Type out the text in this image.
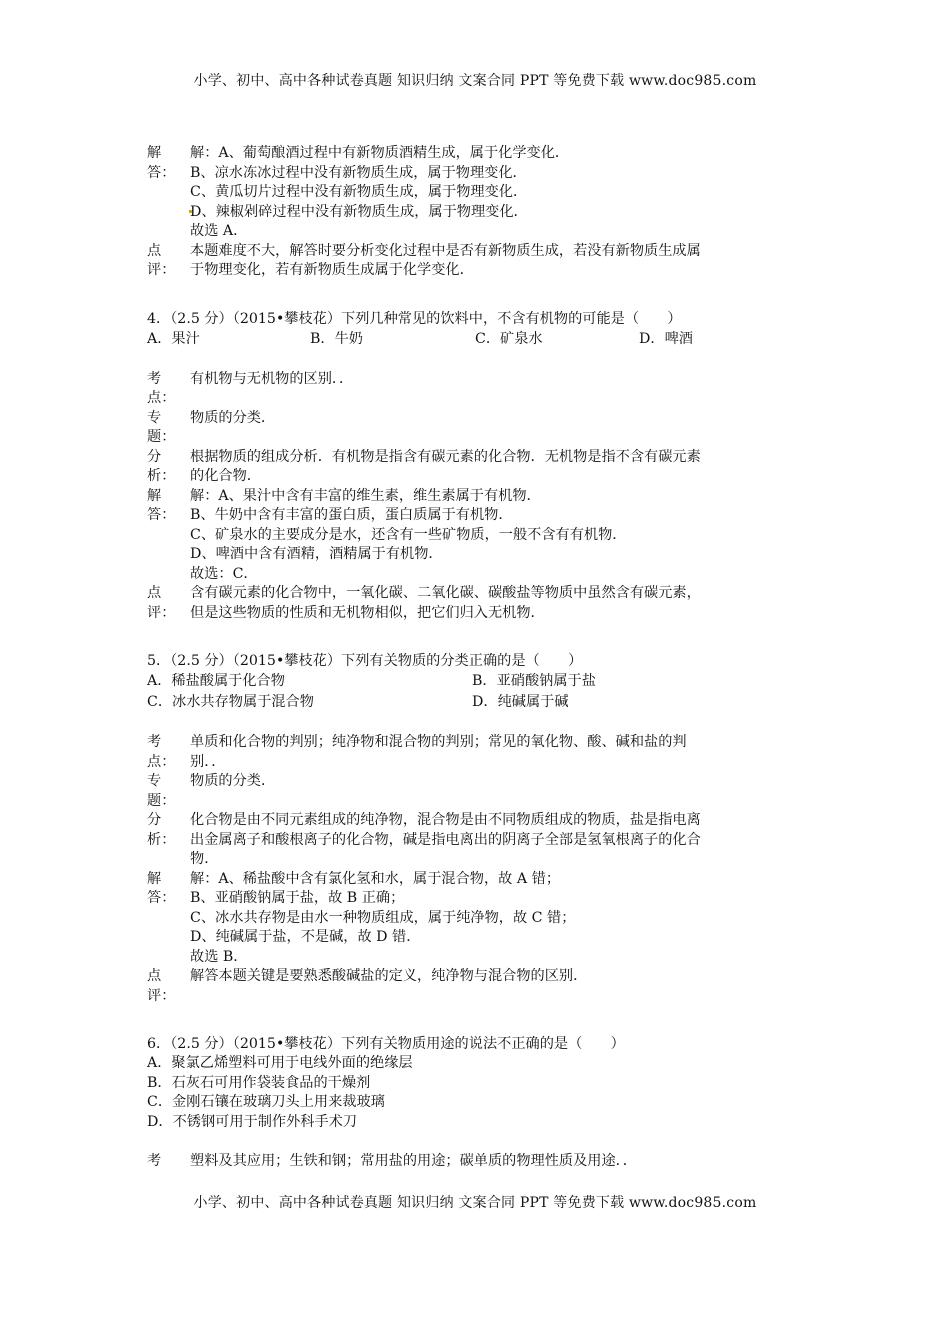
小学、初中、高中各种试卷真题 知识归纳 文案合同 PPT 等免费下载 www.doc985.com
解
答：
解：A、葡萄酿酒过程中有新物质酒精生成，属于化学变化．
B、凉水冻冰过程中没有新物质生成，属于物理变化．
C、黄瓜切片过程中没有新物质生成，属于物理变化．
D、辣椒剁碎过程中没有新物质生成，属于物理变化．
故选 A．
点
评：
本题难度不大，解答时要分析变化过程中是否有新物质生成，若没有新物质生成属
于物理变化，若有新物质生成属于化学变化．
4．（2.5 分）（2015•攀枝花）下列几种常见的饮料中，不含有机物的可能是（　　）
A．果汁	B．牛奶	C．矿泉水	D．啤酒
考
点：
有机物与无机物的区别．．
专
题：
物质的分类．
分
析：
根据物质的组成分析．有机物是指含有碳元素的化合物．无机物是指不含有碳元素
的化合物．
解
答：
解：A、果汁中含有丰富的维生素，维生素属于有机物．
B、牛奶中含有丰富的蛋白质，蛋白质属于有机物．
C、矿泉水的主要成分是水，还含有一些矿物质，一般不含有有机物．
D、啤酒中含有酒精，酒精属于有机物．
故选：C．
点
评：
含有碳元素的化合物中，一氧化碳、二氧化碳、碳酸盐等物质中虽然含有碳元素，
但是这些物质的性质和无机物相似，把它们归入无机物．
5．（2.5 分）（2015•攀枝花）下列有关物质的分类正确的是（　　）
A．稀盐酸属于化合物	B．亚硝酸钠属于盐
C．冰水共存物属于混合物	D．纯碱属于碱
考
点：
单质和化合物的判别；纯净物和混合物的判别；常见的氧化物、酸、碱和盐的判
别．．
专
题：
物质的分类．
分
析：
化合物是由不同元素组成的纯净物，混合物是由不同物质组成的物质，盐是指电离
出金属离子和酸根离子的化合物，碱是指电离出的阴离子全部是氢氧根离子的化合
物．
解
答：
解：A、稀盐酸中含有氯化氢和水，属于混合物，故 A 错；
B、亚硝酸钠属于盐，故 B 正确；
C、冰水共存物是由水一种物质组成，属于纯净物，故 C 错；
D、纯碱属于盐，不是碱，故 D 错．
故选 B．
点
评：
解答本题关键是要熟悉酸碱盐的定义，纯净物与混合物的区别．
6．（2.5 分）（2015•攀枝花）下列有关物质用途的说法不正确的是（　　）
A．聚氯乙烯塑料可用于电线外面的绝缘层
B．石灰石可用作袋装食品的干燥剂
C．金刚石镶在玻璃刀头上用来裁玻璃
D．不锈钢可用于制作外科手术刀
考	塑料及其应用；生铁和钢；常用盐的用途；碳单质的物理性质及用途．．
小学、初中、高中各种试卷真题 知识归纳 文案合同 PPT 等免费下载 www.doc985.com
